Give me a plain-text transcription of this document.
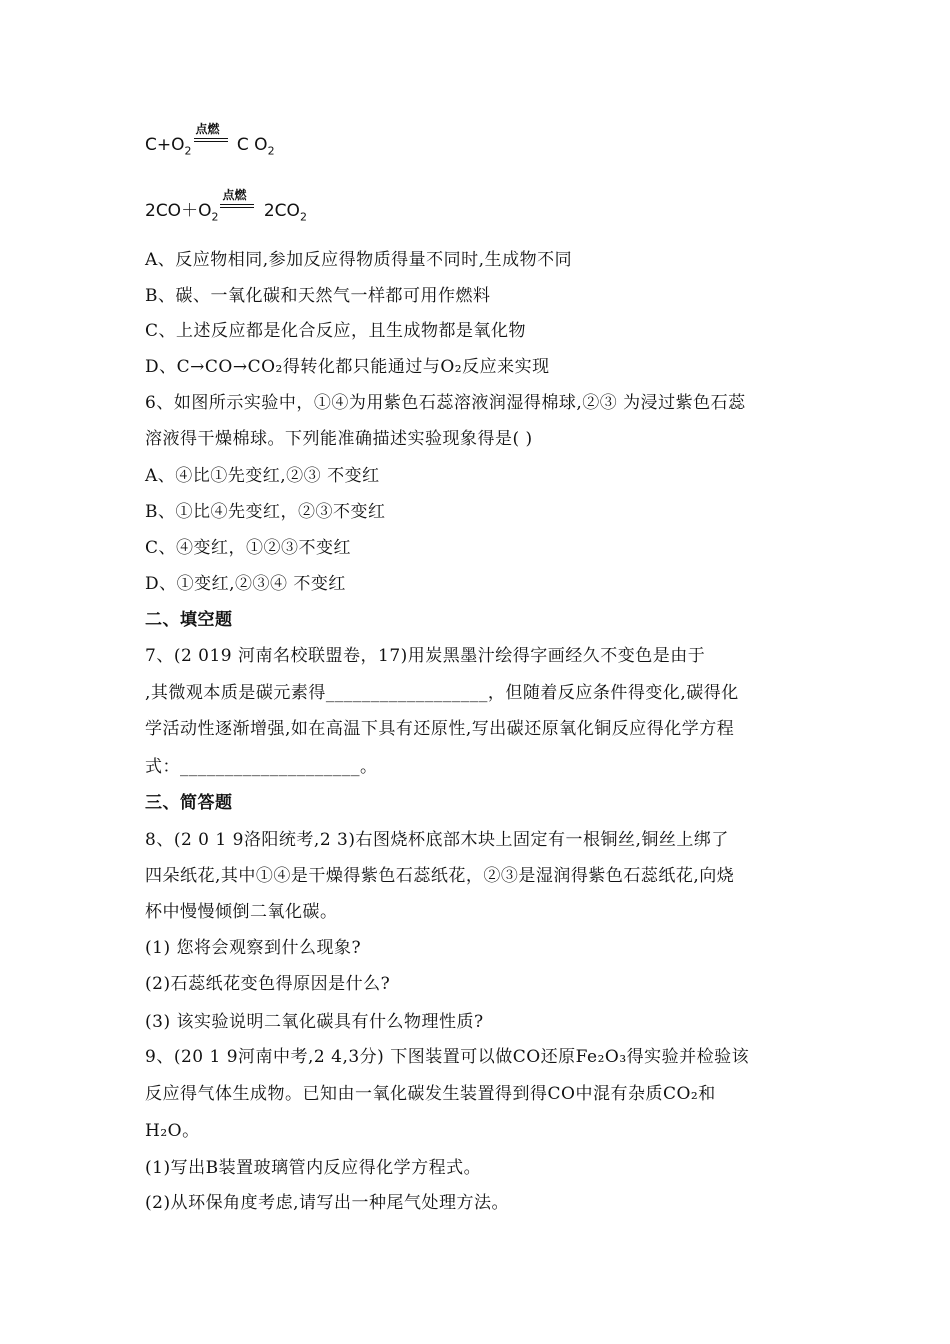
$C+O_2$
点燃
C $O_2$
$2CO+O_2$
点燃
$2CO_2$
A、反应物相同,参加反应得物质得量不同时,生成物不同
B、碳、一氧化碳和天然气一样都可用作燃料
C、上述反应都是化合反应，且生成物都是氧化物
D、C→CO→CO₂得转化都只能通过与O₂反应来实现
6、如图所示实验中，①④为用紫色石蕊溶液润湿得棉球,②③ 为浸过紫色石蕊
溶液得干燥棉球。下列能准确描述实验现象得是( )
A、④比①先变红,②③ 不变红
B、①比④先变红，②③不变红
C、④变红，①②③不变红
D、①变红,②③④ 不变红
二、填空题
7、(2 019 河南名校联盟卷，17)用炭黑墨汁绘得字画经久不变色是由于
,其微观本质是碳元素得__________________，但随着反应条件得变化,碳得化
学活动性逐渐增强,如在高温下具有还原性,写出碳还原氧化铜反应得化学方程
式：____________________。
三、简答题
8、(2 0 1 9洛阳统考,2 3)右图烧杯底部木块上固定有一根铜丝,铜丝上绑了
四朵纸花,其中①④是干燥得紫色石蕊纸花，②③是湿润得紫色石蕊纸花,向烧
杯中慢慢倾倒二氧化碳。
(1) 您将会观察到什么现象?
(2)石蕊纸花变色得原因是什么?
(3) 该实验说明二氧化碳具有什么物理性质?
9、(20 1 9河南中考,2 4,3分) 下图装置可以做CO还原Fe₂O₃得实验并检验该
反应得气体生成物。已知由一氧化碳发生装置得到得CO中混有杂质CO₂和
H₂O。
(1)写出B装置玻璃管内反应得化学方程式。
(2)从环保角度考虑,请写出一种尾气处理方法。
